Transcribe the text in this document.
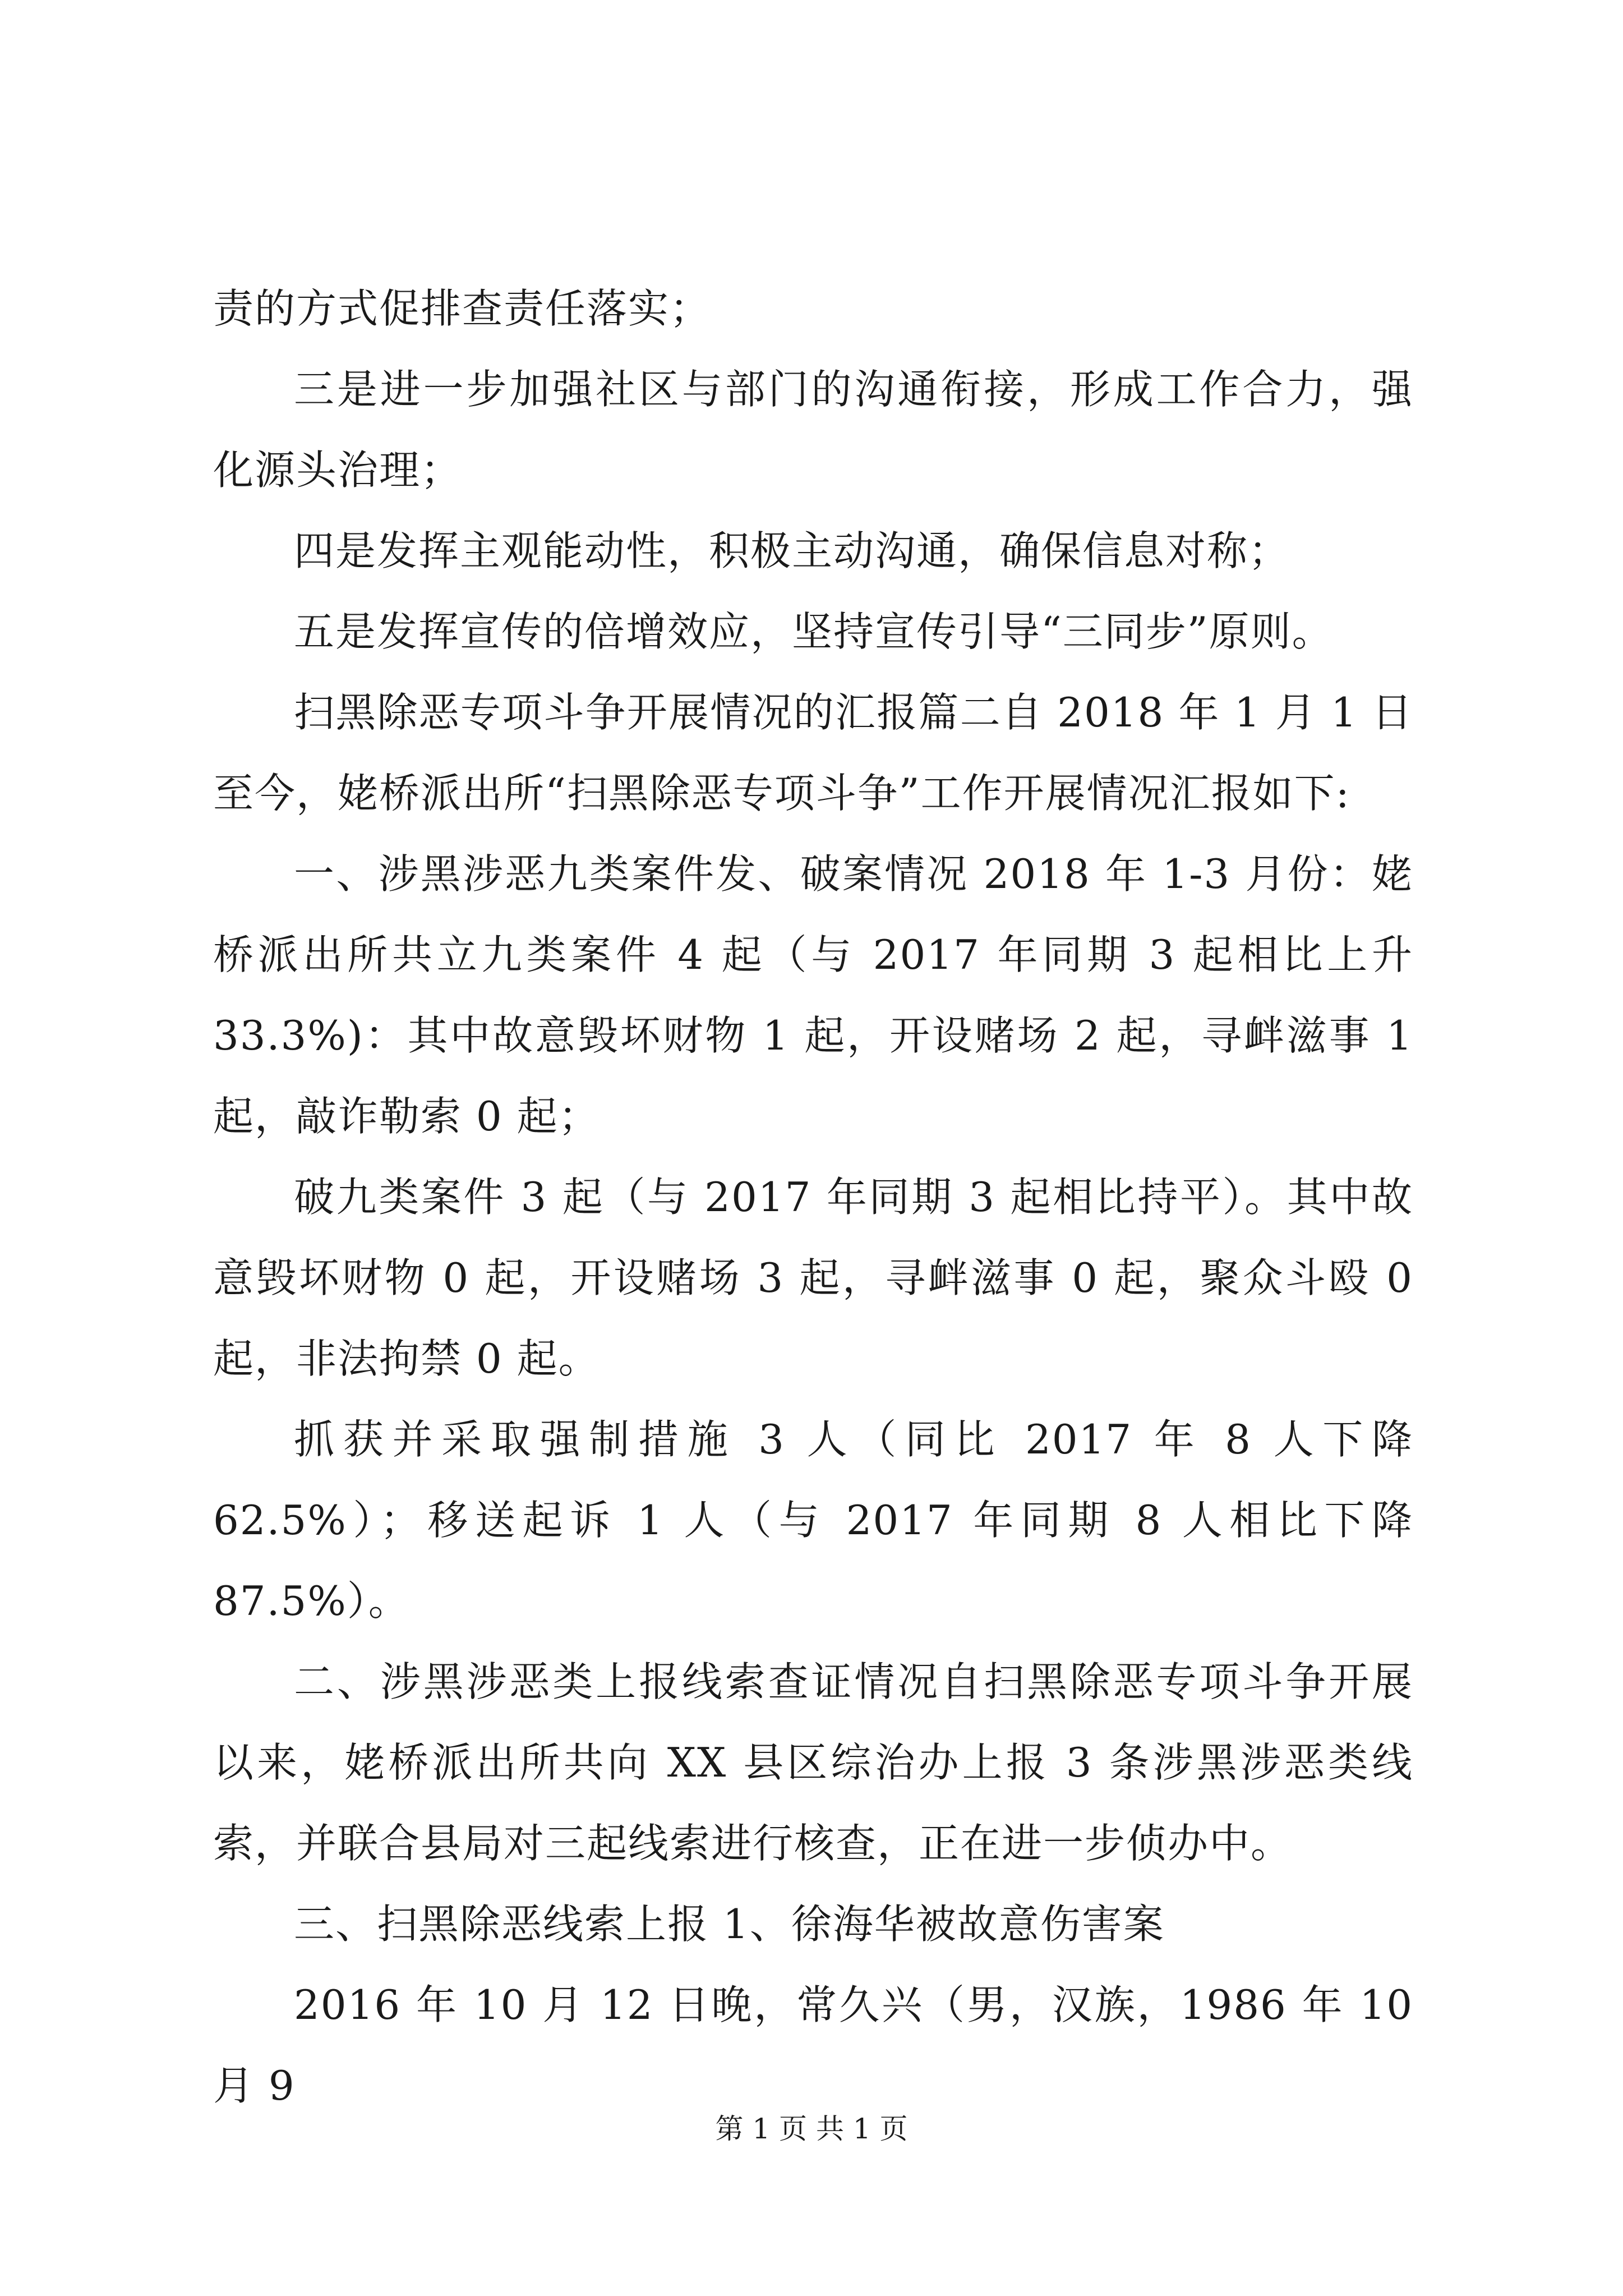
责的方式促排查责任落实；

三是进一步加强社区与部门的沟通衔接，形成工作合力，强化源头治理；

四是发挥主观能动性，积极主动沟通，确保信息对称；

五是发挥宣传的倍增效应，坚持宣传引导“三同步”原则。

扫黑除恶专项斗争开展情况的汇报篇二自 2018 年 1 月 1 日至今，姥桥派出所“扫黑除恶专项斗争”工作开展情况汇报如下:

一、涉黑涉恶九类案件发、破案情况 2018 年 1-3 月份：姥桥派出所共立九类案件 4 起（与 2017 年同期 3 起相比上升 33.3%)：其中故意毁坏财物 1 起，开设赌场 2 起，寻衅滋事 1 起，敲诈勒索 0 起；

破九类案件 3 起（与 2017 年同期 3 起相比持平）。其中故意毁坏财物 0 起，开设赌场 3 起，寻衅滋事 0 起，聚众斗殴 0 起，非法拘禁 0 起。

抓获并采取强制措施 3 人（同比 2017 年 8 人下降 62.5%）；移送起诉 1 人（与 2017 年同期 8 人相比下降 87.5%）。

二、涉黑涉恶类上报线索查证情况自扫黑除恶专项斗争开展以来，姥桥派出所共向 XX 县区综治办上报 3 条涉黑涉恶类线索，并联合县局对三起线索进行核查，正在进一步侦办中。

三、扫黑除恶线索上报 1、徐海华被故意伤害案

2016 年 10 月 12 日晚，常久兴（男，汉族，1986 年 10 月 9

第 1 页 共 1 页
